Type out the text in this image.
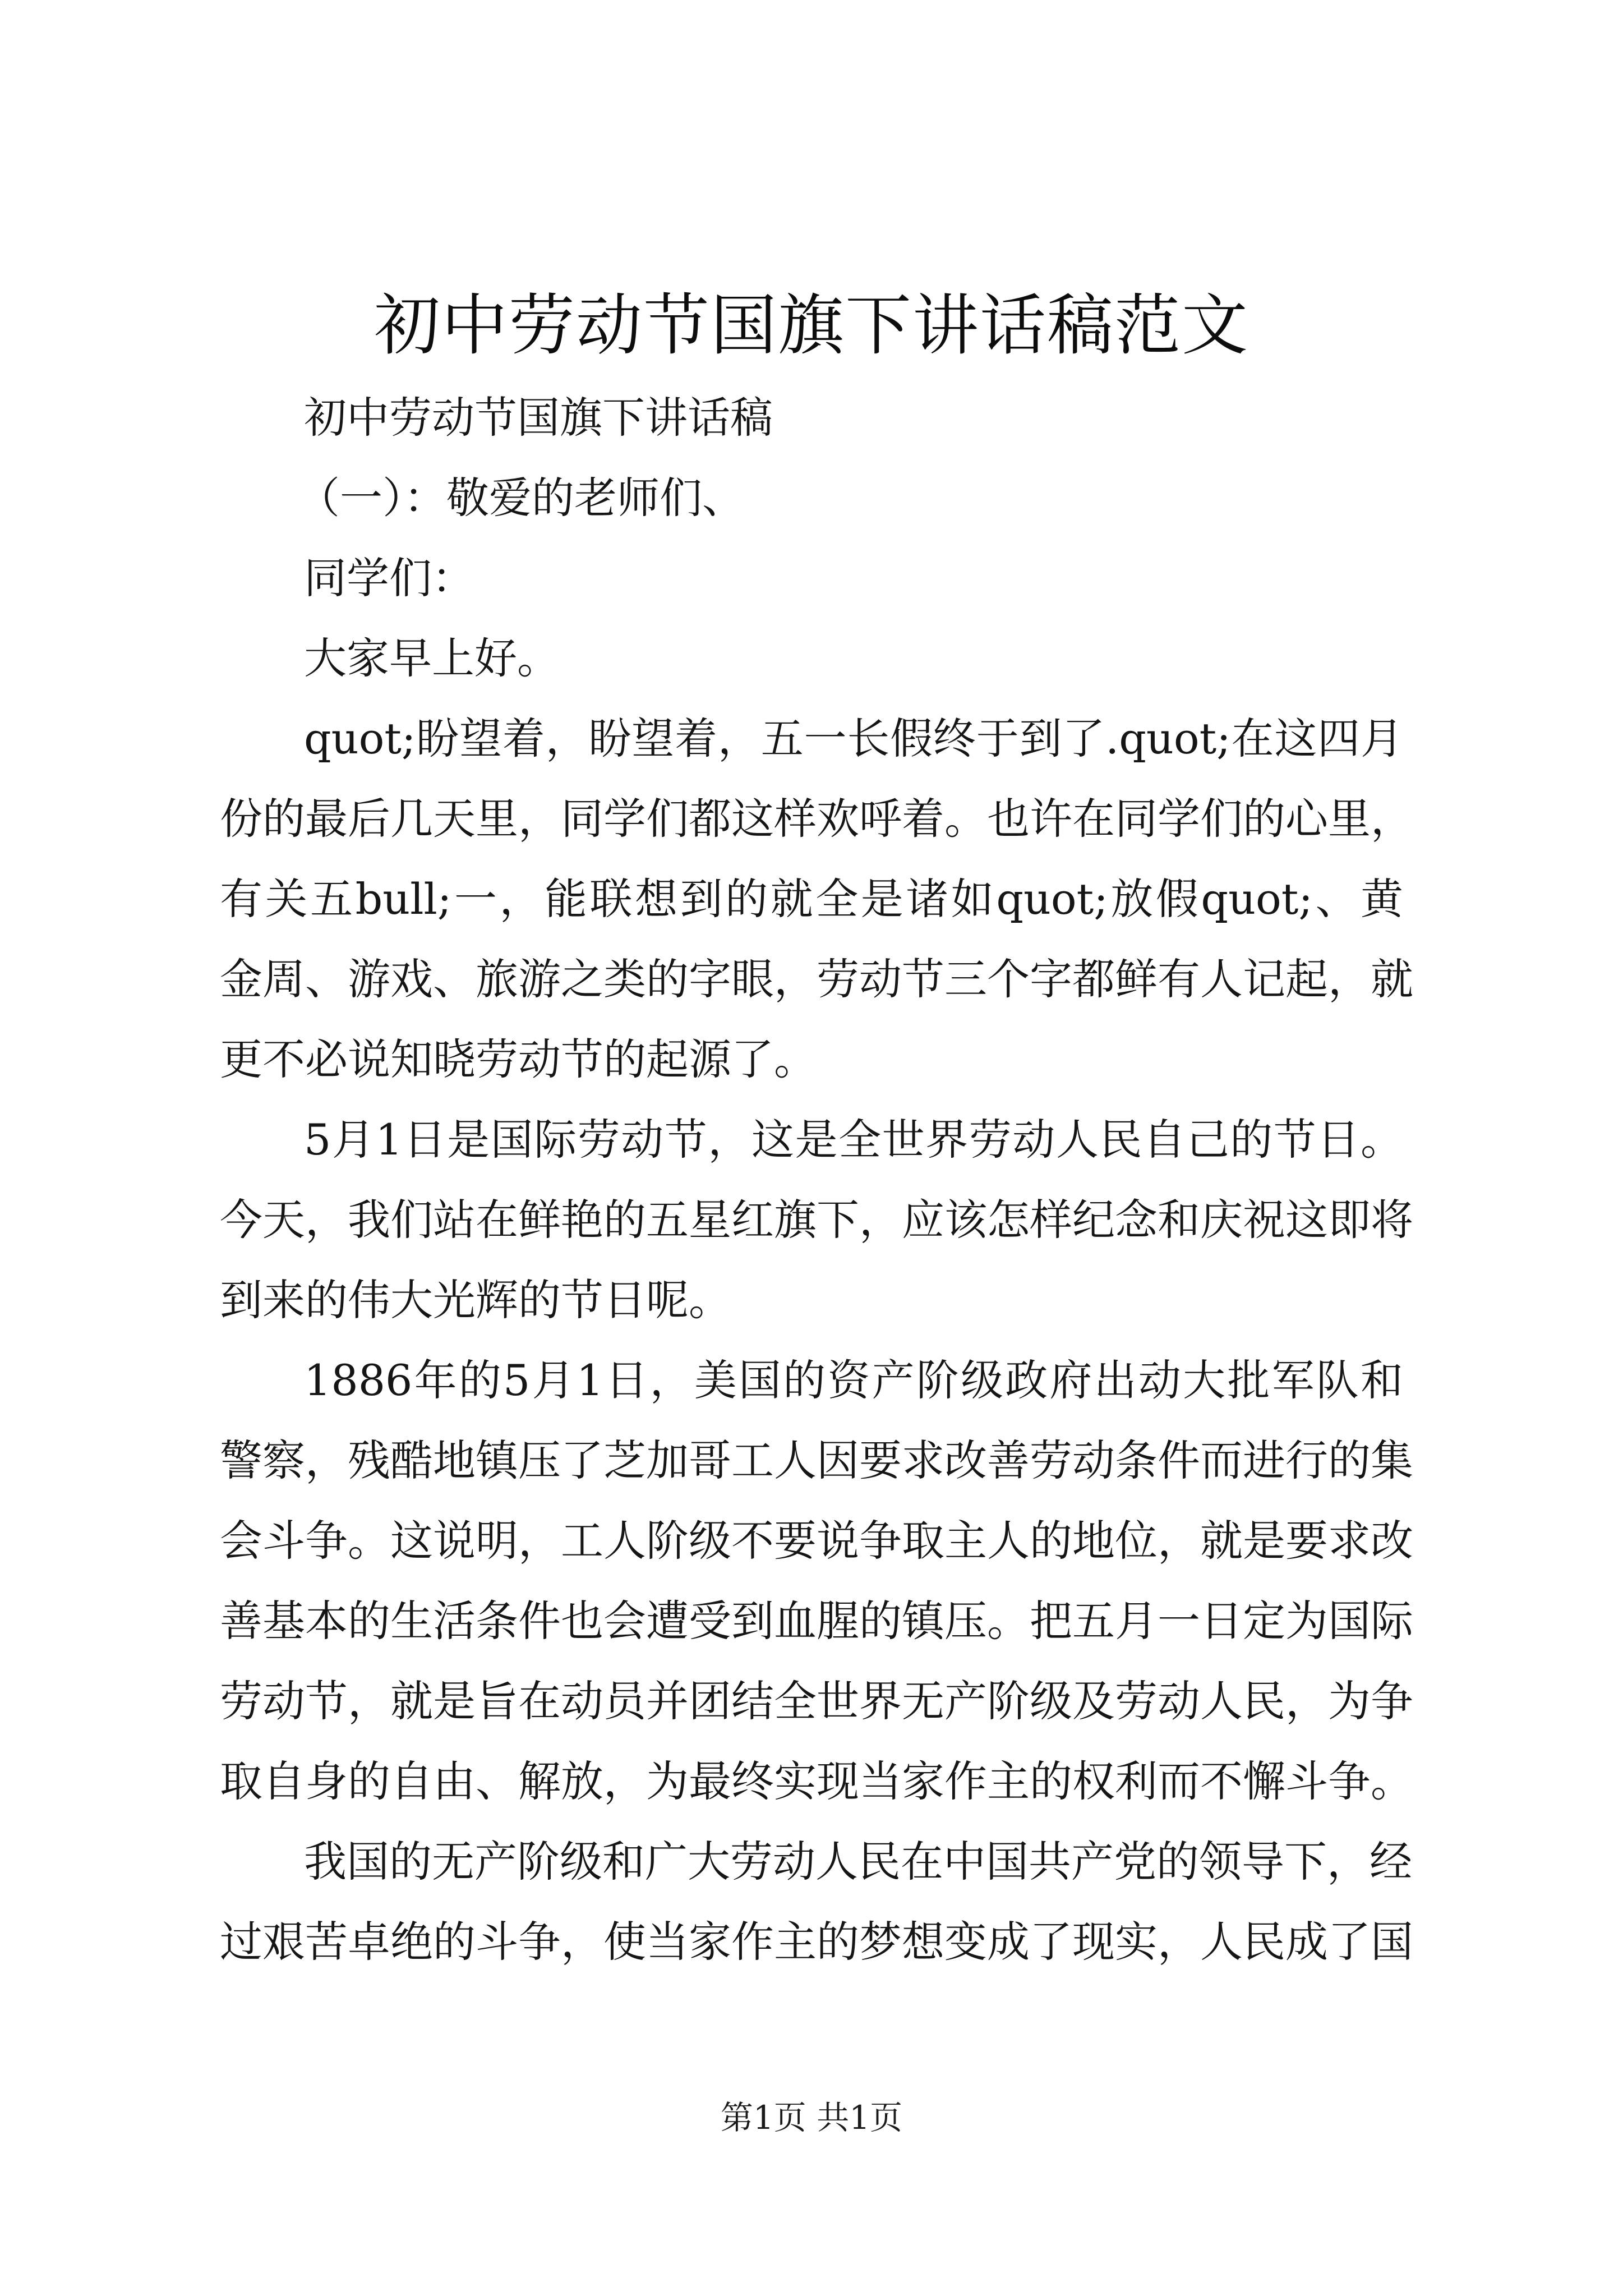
初中劳动节国旗下讲话稿范文
初中劳动节国旗下讲话稿
（一）：敬爱的老师们、
同学们：
大家早上好。
quot;盼望着，盼望着，五一长假终于到了.quot;在这四月
份的最后几天里，同学们都这样欢呼着。也许在同学们的心里，
有关五bull;一，能联想到的就全是诸如quot;放假quot;、黄
金周、游戏、旅游之类的字眼，劳动节三个字都鲜有人记起，就
更不必说知晓劳动节的起源了。
5月1日是国际劳动节，这是全世界劳动人民自己的节日。
今天，我们站在鲜艳的五星红旗下，应该怎样纪念和庆祝这即将
到来的伟大光辉的节日呢。
1886年的5月1日，美国的资产阶级政府出动大批军队和
警察，残酷地镇压了芝加哥工人因要求改善劳动条件而进行的集
会斗争。这说明，工人阶级不要说争取主人的地位，就是要求改
善基本的生活条件也会遭受到血腥的镇压。把五月一日定为国际
劳动节，就是旨在动员并团结全世界无产阶级及劳动人民，为争
取自身的自由、解放，为最终实现当家作主的权利而不懈斗争。
我国的无产阶级和广大劳动人民在中国共产党的领导下，经
过艰苦卓绝的斗争，使当家作主的梦想变成了现实，人民成了国
第1页 共1页
